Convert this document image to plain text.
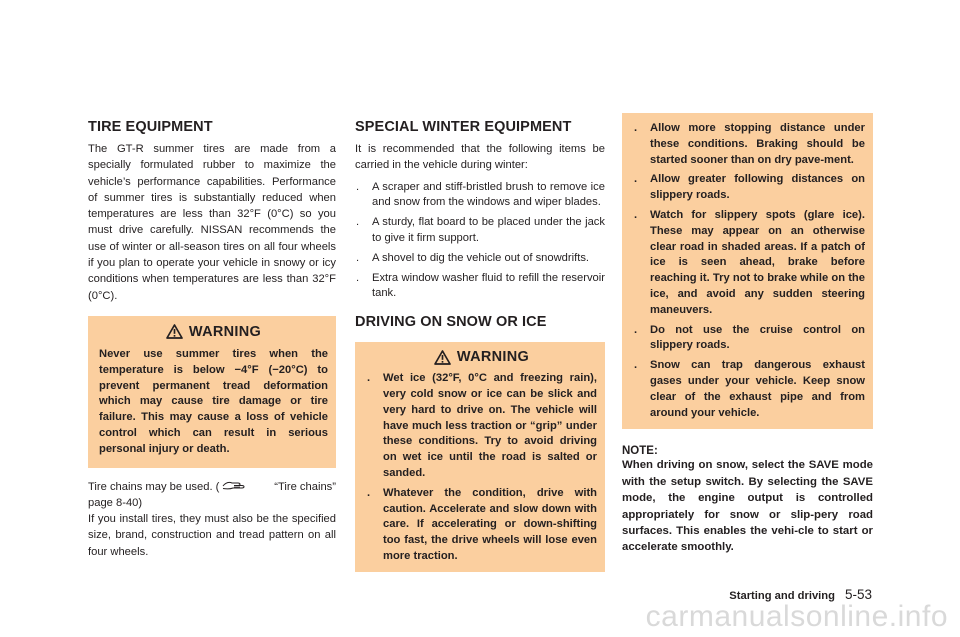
TIRE EQUIPMENT

The GT-R summer tires are made from a specially formulated rubber to maximize the vehicle’s performance capabilities. Performance of summer tires is substantially reduced when temperatures are less than 32°F (0°C) so you must drive carefully. NISSAN recommends the use of winter or all-season tires on all four wheels if you plan to operate your vehicle in snowy or icy conditions when temperatures are less than 32°F (0°C).

WARNING
Never use summer tires when the temperature is below −4°F (−20°C) to prevent permanent tread deformation which may cause tire damage or tire failure. This may cause a loss of vehicle control which can result in serious personal injury or death.

Tire chains may be used. (	“Tire chains”

page 8-40)

If you install tires, they must also be the specified size, brand, construction and tread pattern on all four wheels.

SPECIAL WINTER EQUIPMENT

It is recommended that the following items be carried in the vehicle during winter:

. A scraper and stiff-bristled brush to remove ice and snow from the windows and wiper blades.
. A sturdy, flat board to be placed under the jack to give it firm support.
. A shovel to dig the vehicle out of snowdrifts.
. Extra window washer fluid to refill the reservoir tank.
DRIVING ON SNOW OR ICE
WARNING
. Wet ice (32°F, 0°C and freezing rain), very cold snow or ice can be slick and very hard to drive on. The vehicle will have much less traction or “grip” under these conditions. Try to avoid driving on wet ice until the road is salted or sanded.
. Whatever the condition, drive with caution. Accelerate and slow down with care. If accelerating or down-shifting too fast, the drive wheels will lose even more traction.
. Allow more stopping distance under these conditions. Braking should be started sooner than on dry pave-ment.
. Allow greater following distances on slippery roads.
. Watch for slippery spots (glare ice). These may appear on an otherwise clear road in shaded areas. If a patch of ice is seen ahead, brake before reaching it. Try not to brake while on the ice, and avoid any sudden steering maneuvers.
. Do not use the cruise control on slippery roads.
. Snow can trap dangerous exhaust gases under your vehicle. Keep snow clear of the exhaust pipe and from around your vehicle.
NOTE:
When driving on snow, select the SAVE mode with the setup switch. By selecting the SAVE mode, the engine output is controlled appropriately for snow or slip-pery road surfaces. This enables the vehi-cle to start or accelerate smoothly.
Starting and driving 5-53
carmanualsonline.info
